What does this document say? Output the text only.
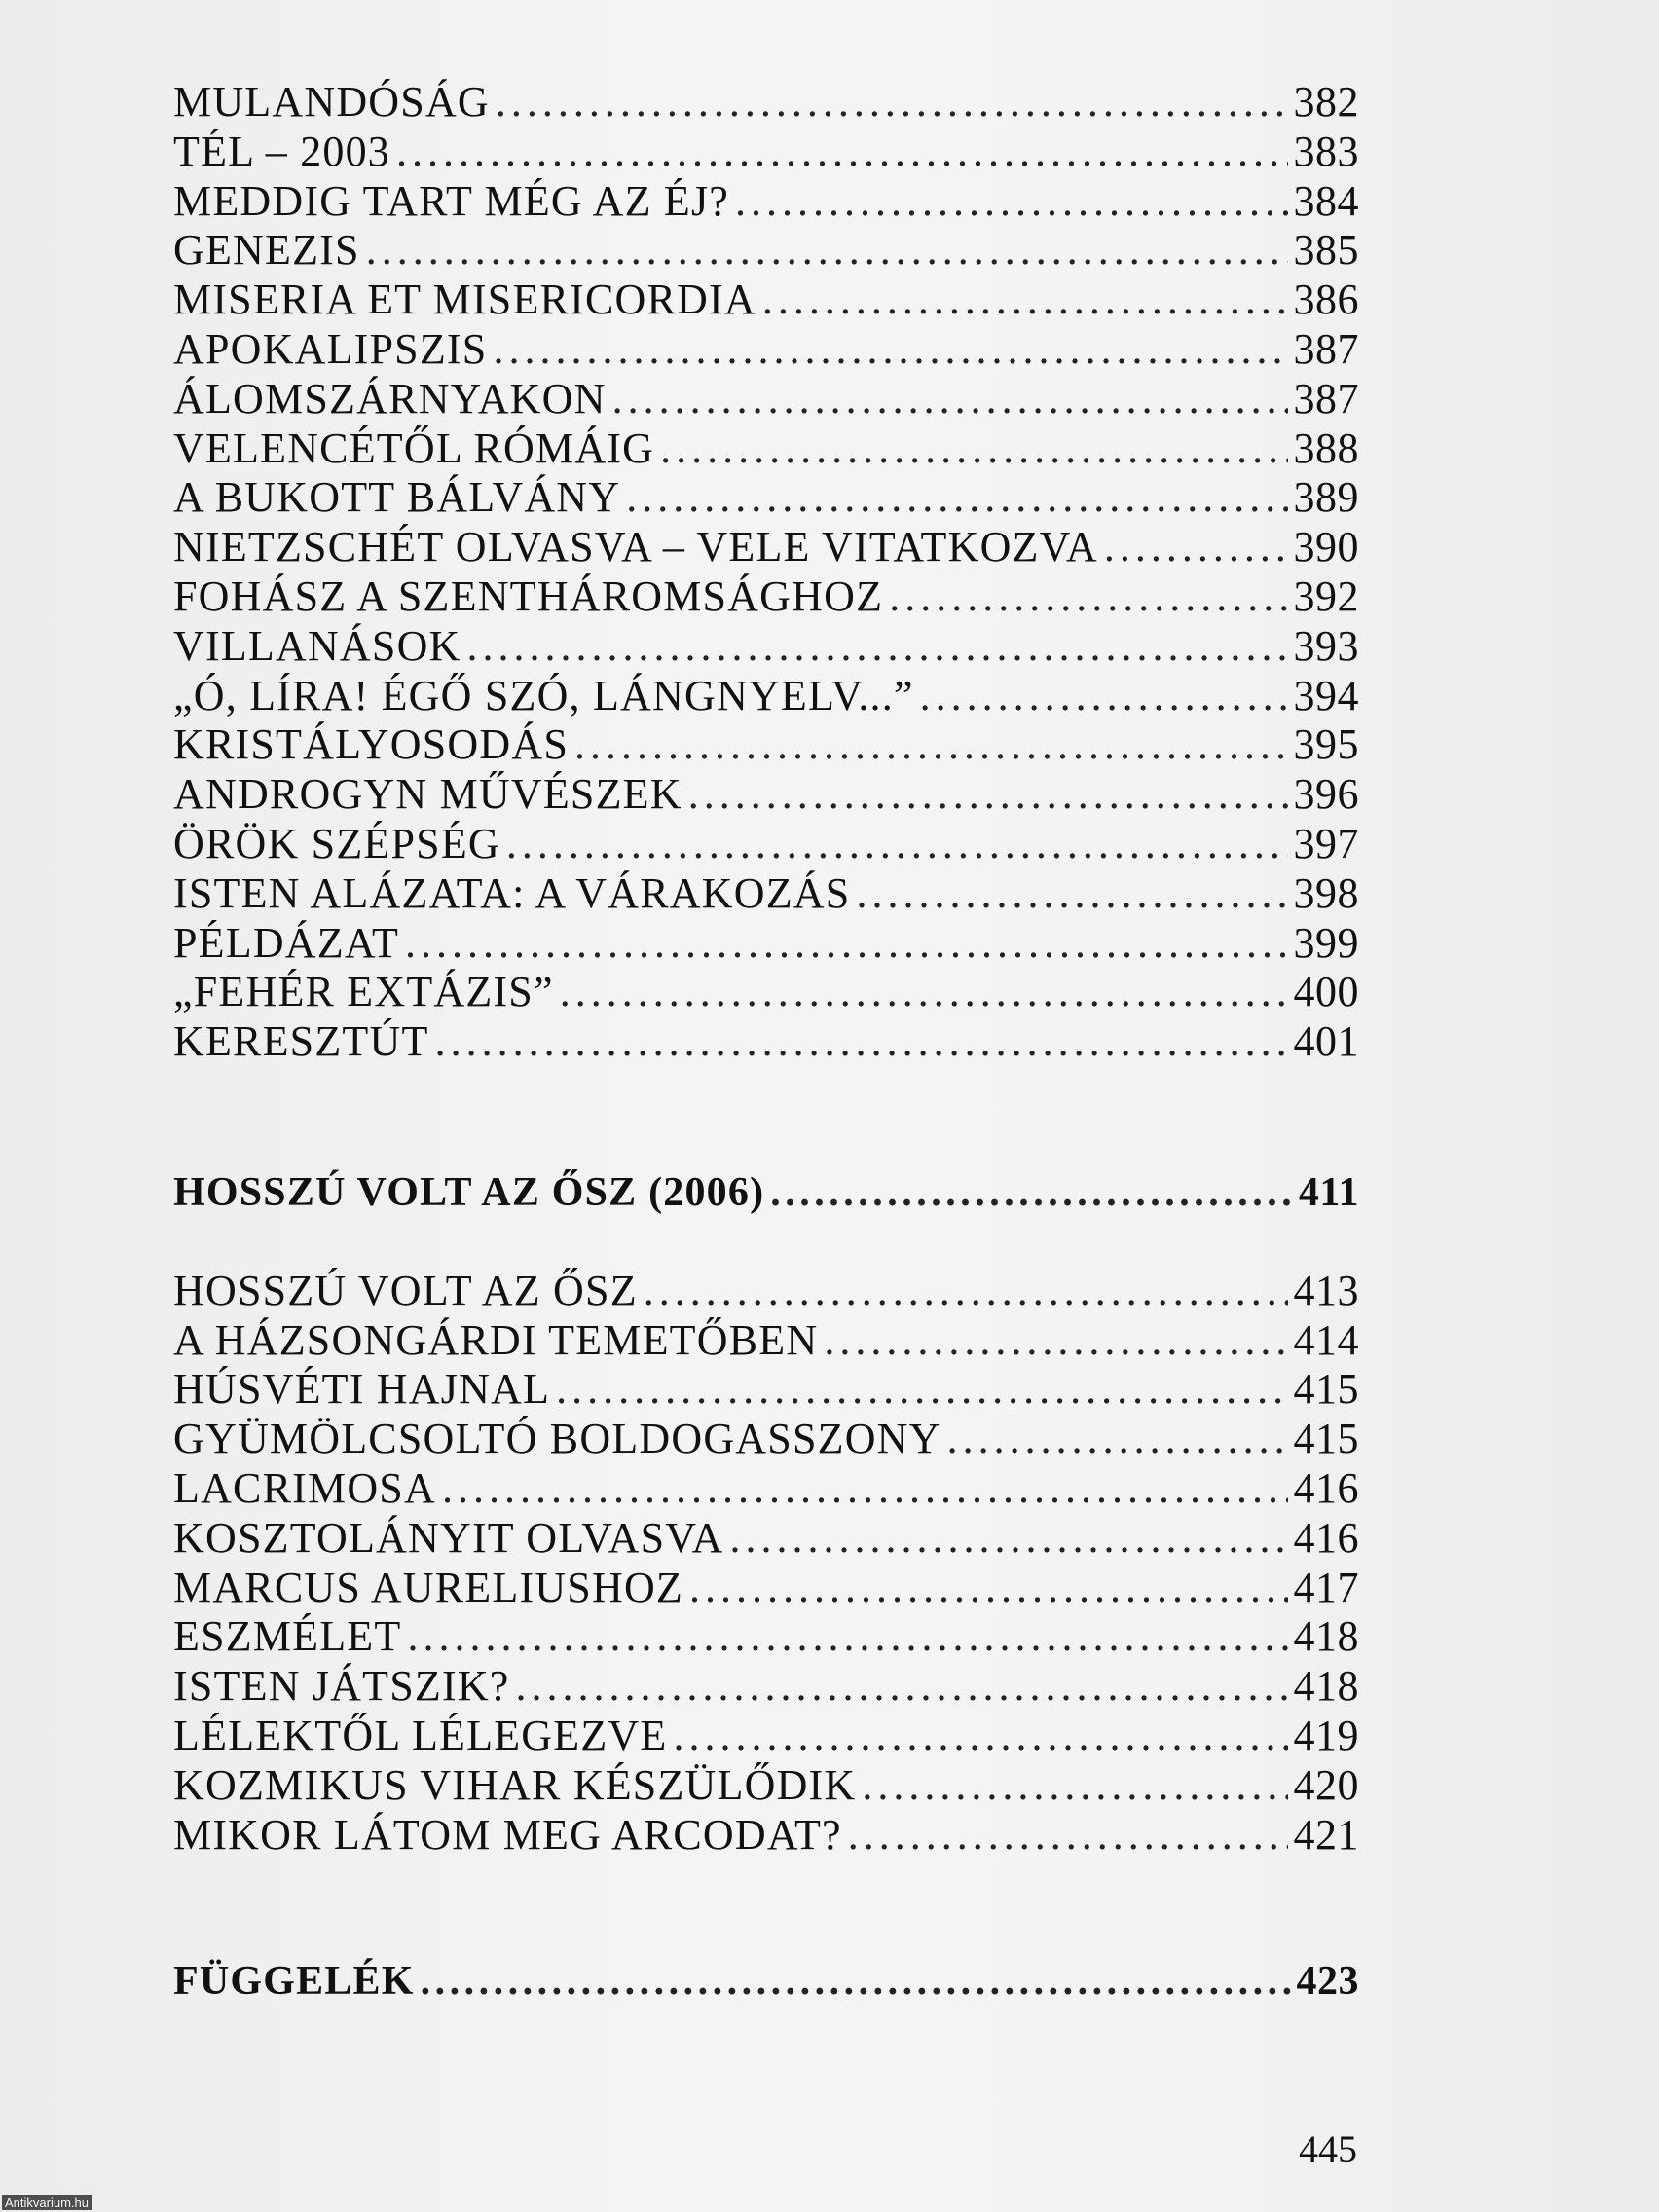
MULANDÓSÁG . . .	382
TÉL – 2003 . . .	383
MEDDIG TART MÉG AZ ÉJ? . . .	384
GENEZIS . . .	385
MISERIA ET MISERICORDIA . . .	386
APOKALIPSZIS . . .	387
ÁLOMSZÁRNYAKON . . .	387
VELENCÉTŐL RÓMÁIG . . .	388
A BUKOTT BÁLVÁNY . . .	389
NIETZSCHÉT OLVASVA – VELE VITATKOZVA . . .	390
FOHÁSZ A SZENTHÁROMSÁGHOZ . . .	392
VILLANÁSOK . . .	393
„Ó, LÍRA! ÉGŐ SZÓ, LÁNGNYELV...” . . .	394
KRISTÁLYOSODÁS . . .	395
ANDROGYN MŰVÉSZEK . . .	396
ÖRÖK SZÉPSÉG . . .	397
ISTEN ALÁZATA: A VÁRAKOZÁS . . .	398
PÉLDÁZAT . . .	399
„FEHÉR EXTÁZIS” . . .	400
KERESZTÚT . . .	401
HOSSZÚ VOLT AZ ŐSZ (2006) . . .	411
HOSSZÚ VOLT AZ ŐSZ . . .	413
A HÁZSONGÁRDI TEMETŐBEN . . .	414
HÚSVÉTI HAJNAL . . .	415
GYÜMÖLCSOLTÓ BOLDOGASSZONY . . .	415
LACRIMOSA . . .	416
KOSZTOLÁNYIT OLVASVA . . .	416
MARCUS AURELIUSHOZ . . .	417
ESZMÉLET . . .	418
ISTEN JÁTSZIK? . . .	418
LÉLEKTŐL LÉLEGEZVE . . .	419
KOZMIKUS VIHAR KÉSZÜLŐDIK . . .	420
MIKOR LÁTOM MEG ARCODAT? . . .	421
FÜGGELÉK . . .	423
445
Antikvarium.hu
